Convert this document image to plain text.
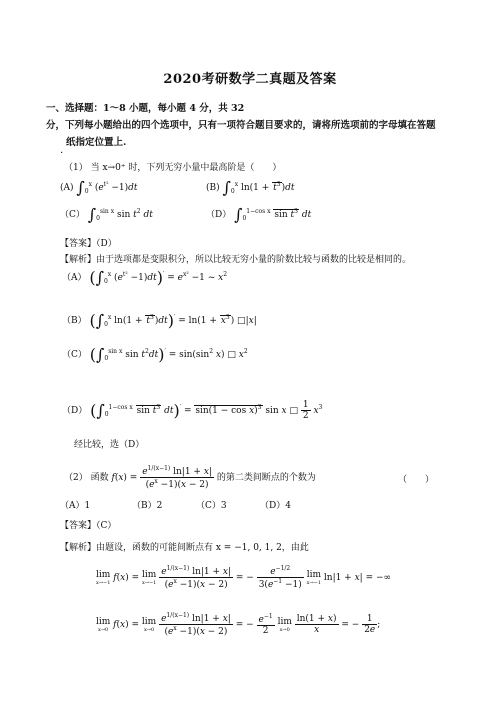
2020考研数学二真题及答案
一、选择题：1～8 小题，每小题 4 分，共 32
分，下列每小题给出的四个选项中，只有一项符合题目要求的，请将所选项前的字母填在答题
·
纸指定位置上.
（1） 当 x→0⁺ 时，下列无穷小量中最高阶是（　　）
(A) $\int_0^x$ $(e^{t^2} -1)dt$	(B) $\int_0^x$ $\ln(1 + t^3)dt$
（C） $\int_0^{sin x}$ $\sin t^2$ dt	（D） $\int_0^{1-cos x}$ $\sin t^3$ dt
【答案】（D）
【解析】由于选项都是变限积分，所以比较无穷小量的阶数比较与函数的比较是相同的。
（A） ($\int_0^x$ $(e^{t^2} -1)dt)' = e^{x^2} -1$ ~ $x^2$
（B） ($\int_0^x$ $\ln(1 + t^3)dt)' = \ln(1 + x^3)$ □|x|
（C） ($\int_0^{sin x}$ $\sin t^2dt)' = \sin(\sin^2$ x) □ $x^2$
（D） ($\int_0^{1-cos x}$ $\sin t^3$ $dt)' = \sin(1 - \cos x)^3$ sin x □ $\frac{1}{2} x^3$
经比较，选（D）
（2） 函数 $f(x) = \frac{e^{1/(x-1)} \ln|1 + x|}{(e^x -1)(x - 2)}$ 的第二类间断点的个数为	（　　）
（A）1	（B）2	（C）3	（D）4
【答案】（C）
【解析】由题设，函数的可能间断点有 x = −1, 0, 1, 2，由此
lim
x→−1 f(x) = lim
x→−1
$\frac{e^{1/(x-1)} \ln|1 + x|}{(e^x -1)(x - 2)}$ = − $\frac{e^{-1/2}}{3(e^{-1} -1)}$
lim
x→−1 ln|1 + x| = −∞
lim
x→0 f(x) = lim
x→0
$\frac{e^{1/(x-1)} \ln|1 + x|}{(e^x -1)(x - 2)}$ = − $\frac{e^{-1}}{2}$
lim
x→0
$\frac{\ln(1 + x)}{x}$ = − $\frac{1}{2e}$ ;
